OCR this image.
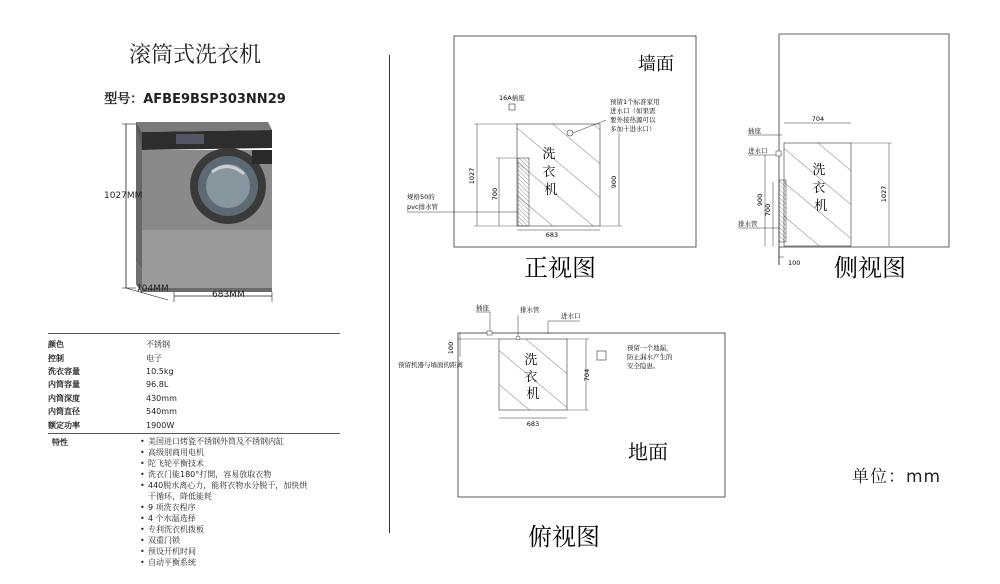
滚筒式洗衣机
型号：AFBE9BSP303NN29
1027MM
704MM
683MM
颜色	不锈钢
控制	电子
洗衣容量	10.5kg
内筒容量	96.8L
内筒深度	430mm
内筒直径	540mm
额定功率	1900W
特性	• 美国进口烤瓷不锈钢外筒及不锈钢内缸
• 高级别商用电机
• 陀飞轮平衡技术
• 洗衣门能180°打開，容易放取衣物
• 440脱水离心力，能将衣物水分脱干，加快烘干循环，降低能耗
• 9 项洗衣程序
• 4 个水温选择
• 专利洗衣机拨板
• 双重门锁
• 预设开机时间
• 自动平衡系统
墙面
16A插座	预留1个标准家用 进水口（如果需 要外接热源可以 多加十进水口）
洗 衣 机
1027
700
900
683
规格50的 pvc排水管
正视图
洗 衣 机
704
插座
进水口
排水管
900
700
1027
100 侧视图
洗 衣 机
插座	排水管
进水口
100
预留机器与墙面的距离
704
683
预留一个地漏， 防止漏水产生的 安全隐患。
地面
俯视图
单位：mm
